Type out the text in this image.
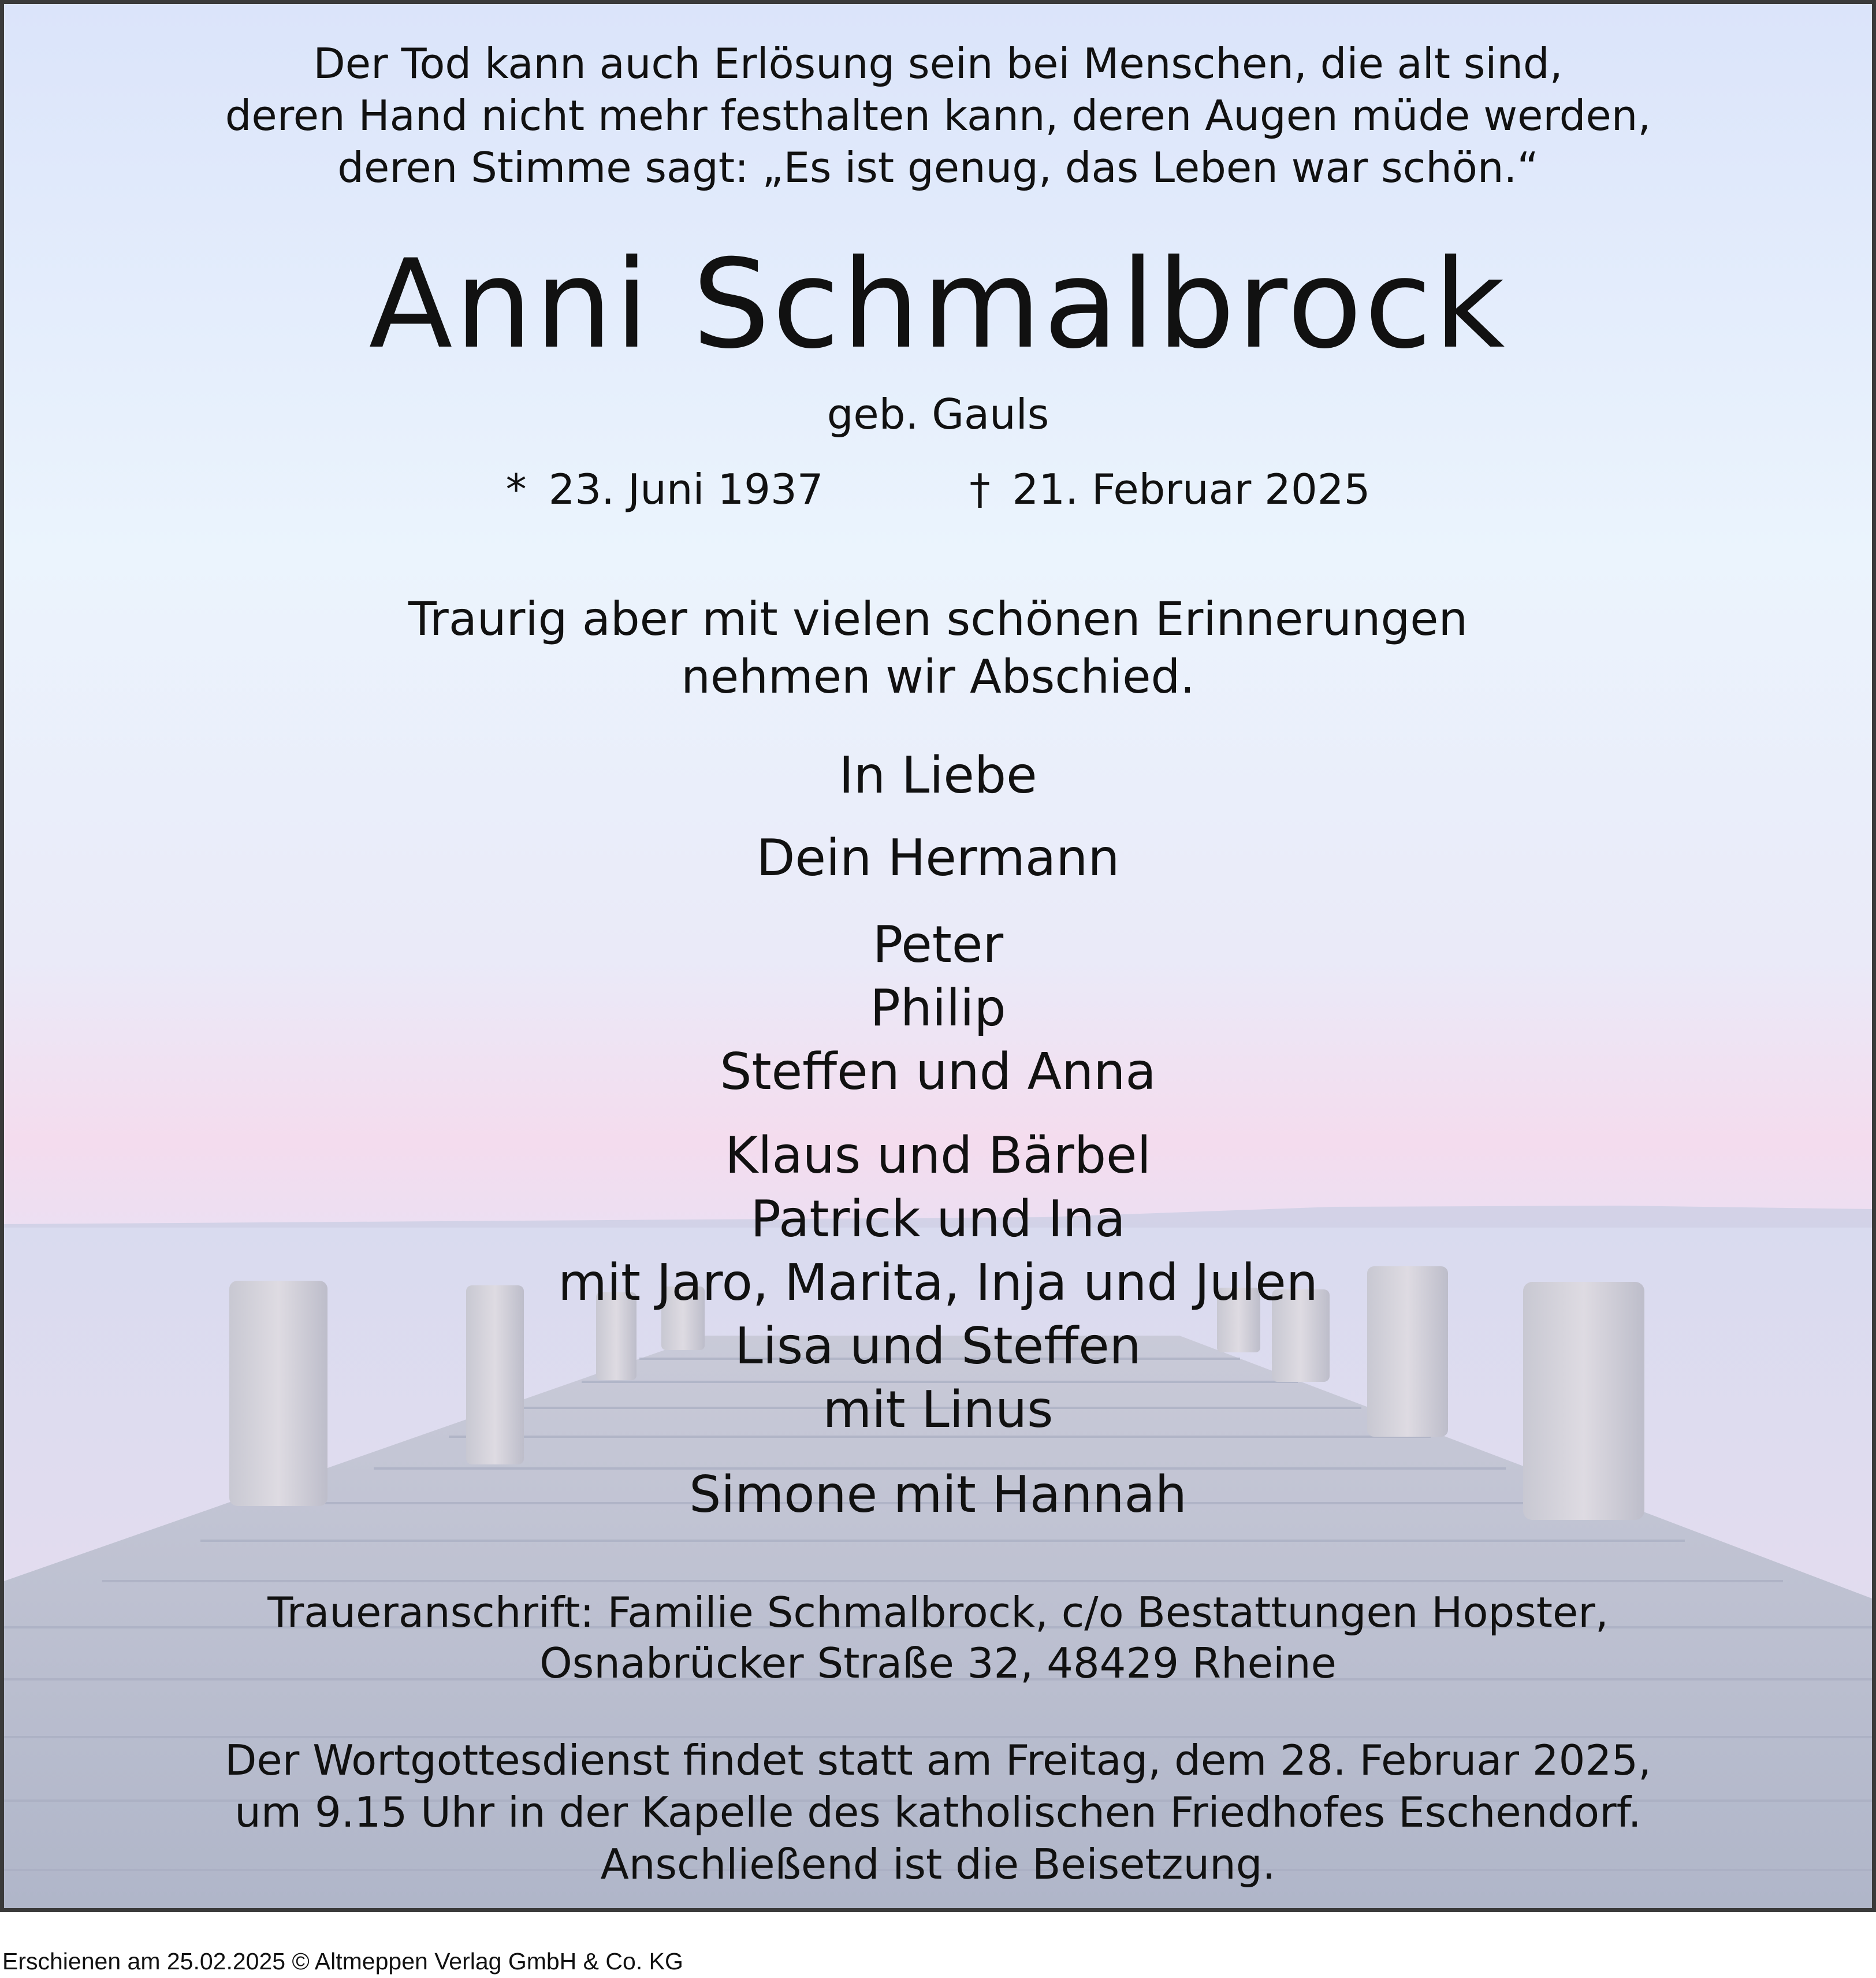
Der Tod kann auch Erlösung sein bei Menschen, die alt sind,
deren Hand nicht mehr festhalten kann, deren Augen müde werden,
deren Stimme sagt: „Es ist genug, das Leben war schön.“
Anni Schmalbrock
geb. Gauls
* 23. Juni 1937	† 21. Februar 2025
Traurig aber mit vielen schönen Erinnerungen
nehmen wir Abschied.
In Liebe
Dein Hermann
Peter
Philip
Steffen und Anna
Klaus und Bärbel
Patrick und Ina
mit Jaro, Marita, Inja und Julen
Lisa und Steffen
mit Linus
Simone mit Hannah
Traueranschrift: Familie Schmalbrock, c/o Bestattungen Hopster,
Osnabrücker Straße 32, 48429 Rheine
Der Wortgottesdienst findet statt am Freitag, dem 28. Februar 2025,
um 9.15 Uhr in der Kapelle des katholischen Friedhofes Eschendorf.
Anschließend ist die Beisetzung.
Erschienen am 25.02.2025 © Altmeppen Verlag GmbH & Co. KG
